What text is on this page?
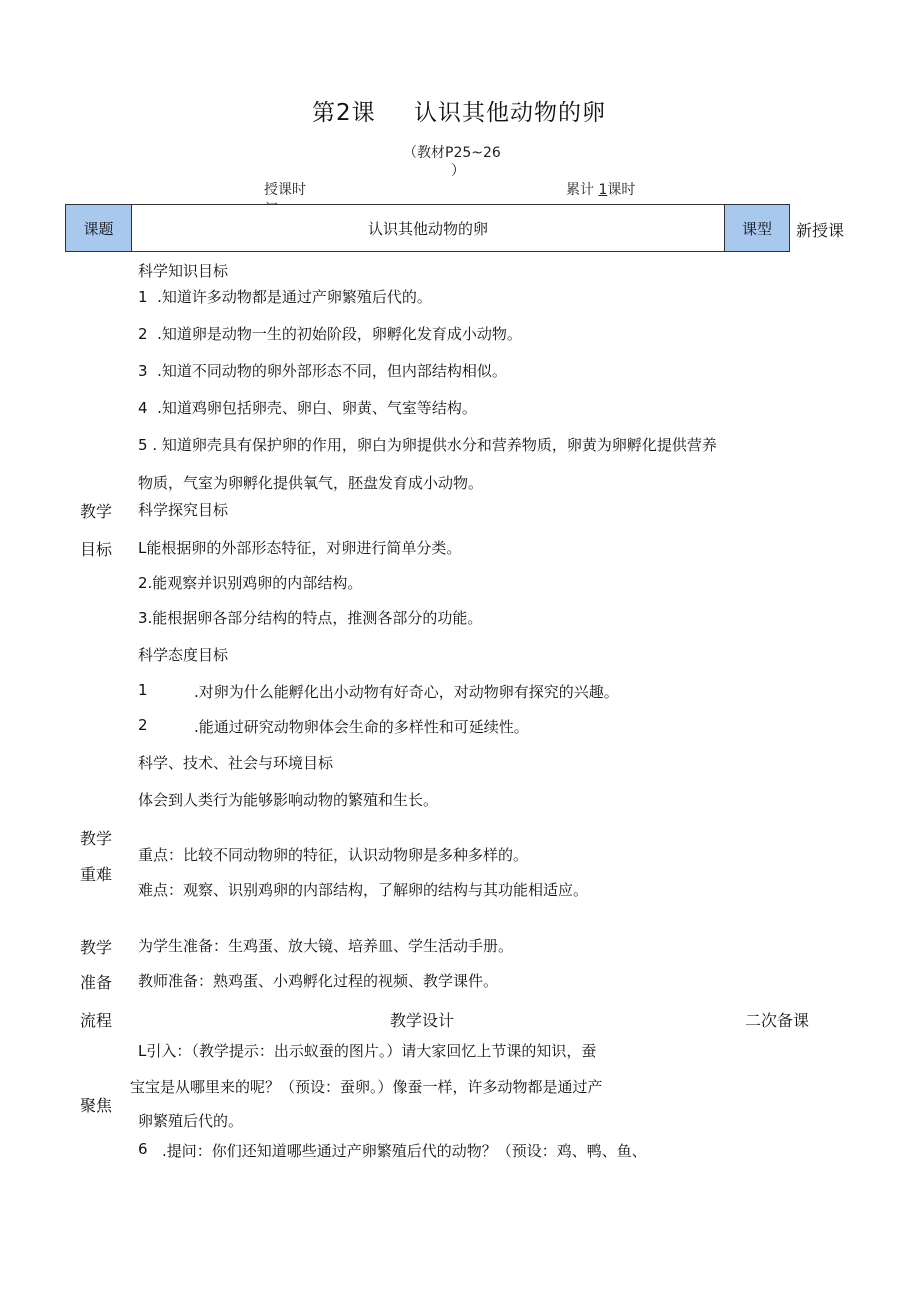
第2课 认识其他动物的卵
（教材P25~26
）
授课时	累计 1课时
课题	认识其他动物的卵	课型	新授课
科学知识目标
1 .知道许多动物都是通过产卵繁殖后代的。
2 .知道卵是动物一生的初始阶段，卵孵化发育成小动物。
3 .知道不同动物的卵外部形态不同，但内部结构相似。
4 .知道鸡卵包括卵壳、卵白、卵黄、气室等结构。
5 . 知道卵壳具有保护卵的作用，卵白为卵提供水分和营养物质，卵黄为卵孵化提供营养
物质，气室为卵孵化提供氧气，胚盘发育成小动物。
教学
目标
科学探究目标
L能根据卵的外部形态特征，对卵进行简单分类。
2.能观察并识别鸡卵的内部结构。
3.能根据卵各部分结构的特点，推测各部分的功能。
科学态度目标
1	.对卵为什么能孵化出小动物有好奇心，对动物卵有探究的兴趣。
2	.能通过研究动物卵体会生命的多样性和可延续性。
科学、技术、社会与环境目标
体会到人类行为能够影响动物的繁殖和生长。
教学
重难
重点：比较不同动物卵的特征，认识动物卵是多种多样的。
难点：观察、识别鸡卵的内部结构，了解卵的结构与其功能相适应。
教学
准备
为学生准备：生鸡蛋、放大镜、培养皿、学生活动手册。
教师准备：熟鸡蛋、小鸡孵化过程的视频、教学课件。
流程	教学设计	二次备课
L引入：（教学提示：出示蚁蚕的图片。）请大家回忆上节课的知识，蚕
宝宝是从哪里来的呢？（预设：蚕卵。）像蚕一样，许多动物都是通过产
聚焦
卵繁殖后代的。
6 .提问：你们还知道哪些通过产卵繁殖后代的动物？（预设：鸡、鸭、鱼、
